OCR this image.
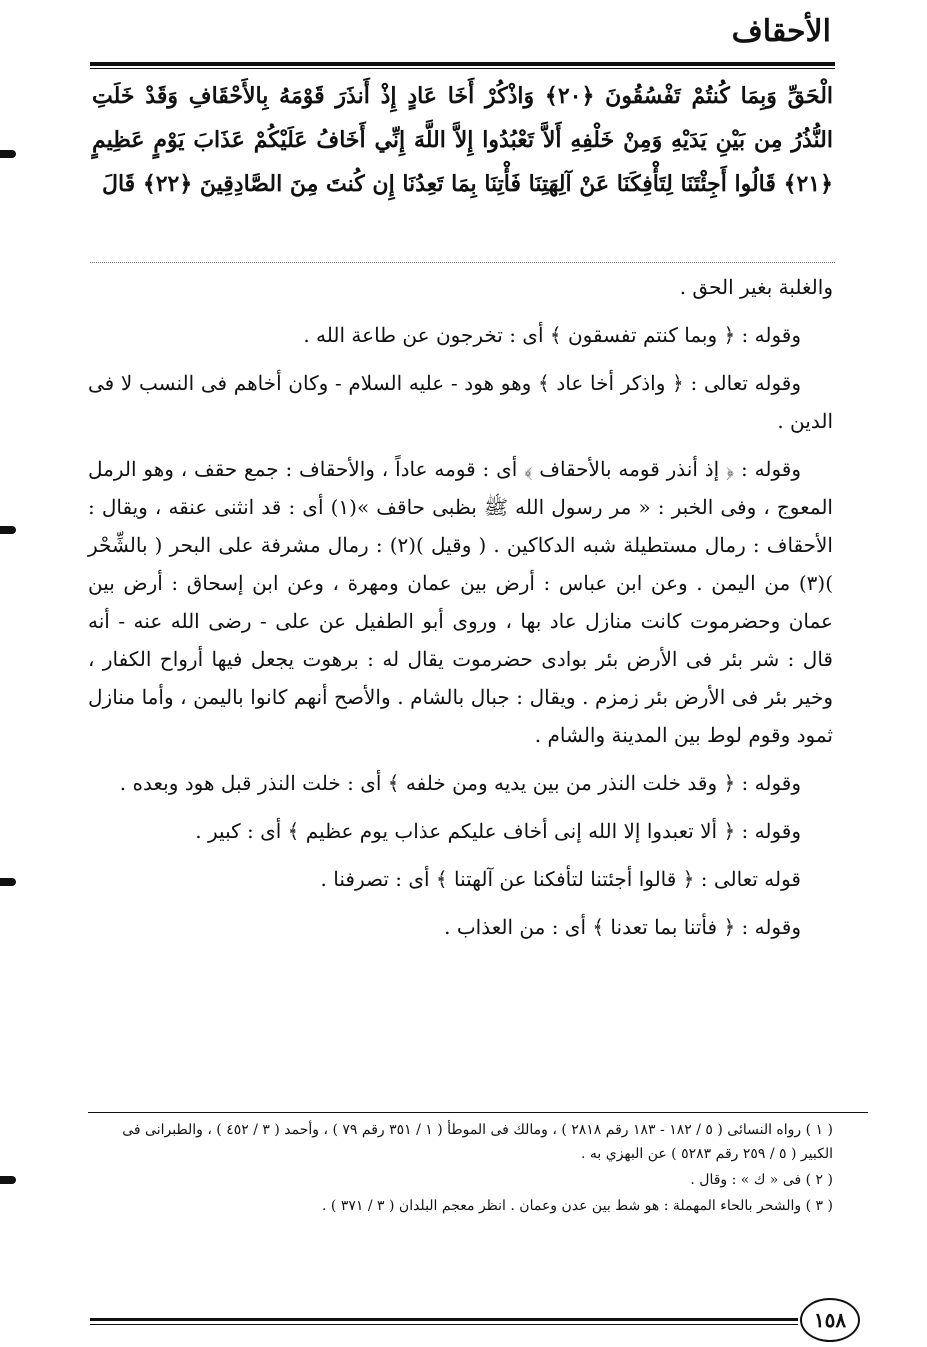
الأحقاف
الْحَقِّ وَبِمَا كُنتُمْ تَفْسُقُونَ ﴿٢٠﴾ وَاذْكُرْ أَخَا عَادٍ إِذْ أَنذَرَ قَوْمَهُ بِالأَحْقَافِ وَقَدْ خَلَتِ النُّذُرُ مِن بَيْنِ يَدَيْهِ وَمِنْ خَلْفِهِ أَلاَّ تَعْبُدُوا إِلاَّ اللَّهَ إِنِّي أَخَافُ عَلَيْكُمْ عَذَابَ يَوْمٍ عَظِيمٍ ﴿٢١﴾ قَالُوا أَجِئْتَنَا لِتَأْفِكَنَا عَنْ آلِهَتِنَا فَأْتِنَا بِمَا تَعِدُنَا إِن كُنتَ مِنَ الصَّادِقِينَ ﴿٢٢﴾ قَالَ

والغلبة بغير الحق .

وقوله : ﴿ وبما كنتم تفسقون ﴾ أى : تخرجون عن طاعة الله .

وقوله تعالى : ﴿ واذكر أخا عاد ﴾ وهو هود - عليه السلام - وكان أخاهم فى النسب لا فى الدين .

وقوله : ﴿ إذ أنذر قومه بالأحقاف ﴾ أى : قومه عاداً ، والأحقاف : جمع حقف ، وهو الرمل المعوج ، وفى الخبر : « مر رسول الله ﷺ بظبى حاقف »(١) أى : قد انثنى عنقه ، ويقال : الأحقاف : رمال مستطيلة شبه الدكاكين . ( وقيل )(٢) : رمال مشرفة على البحر ( بالشِّحْر )(٣) من اليمن . وعن ابن عباس : أرض بين عمان ومهرة ، وعن ابن إسحاق : أرض بين عمان وحضرموت كانت منازل عاد بها ، وروى أبو الطفيل عن على - رضى الله عنه - أنه قال : شر بئر فى الأرض بئر بوادى حضرموت يقال له : برهوت يجعل فيها أرواح الكفار ، وخير بئر فى الأرض بئر زمزم . ويقال : جبال بالشام . والأصح أنهم كانوا باليمن ، وأما منازل ثمود وقوم لوط بين المدينة والشام .

وقوله : ﴿ وقد خلت النذر من بين يديه ومن خلفه ﴾ أى : خلت النذر قبل هود وبعده .

وقوله : ﴿ ألا تعبدوا إلا الله إنى أخاف عليكم عذاب يوم عظيم ﴾ أى : كبير .

قوله تعالى : ﴿ قالوا أجئتنا لتأفكنا عن آلهتنا ﴾ أى : تصرفنا .

وقوله : ﴿ فأتنا بما تعدنا ﴾ أى : من العذاب .

( ١ ) رواه النسائى ( ٥ / ١٨٢ - ١٨٣ رقم ٢٨١٨ ) ، ومالك فى الموطأ ( ١ / ٣٥١ رقم ٧٩ ) ، وأحمد ( ٣ / ٤٥٢ ) ، والطبرانى فى الكبير ( ٥ / ٢٥٩ رقم ٥٢٨٣ ) عن البهزي به .
( ٢ ) فى « ك » : وقال .
( ٣ ) والشحر بالحاء المهملة : هو شط بين عدن وعمان . انظر معجم البلدان ( ٣ / ٣٧١ ) .
١٥٨
